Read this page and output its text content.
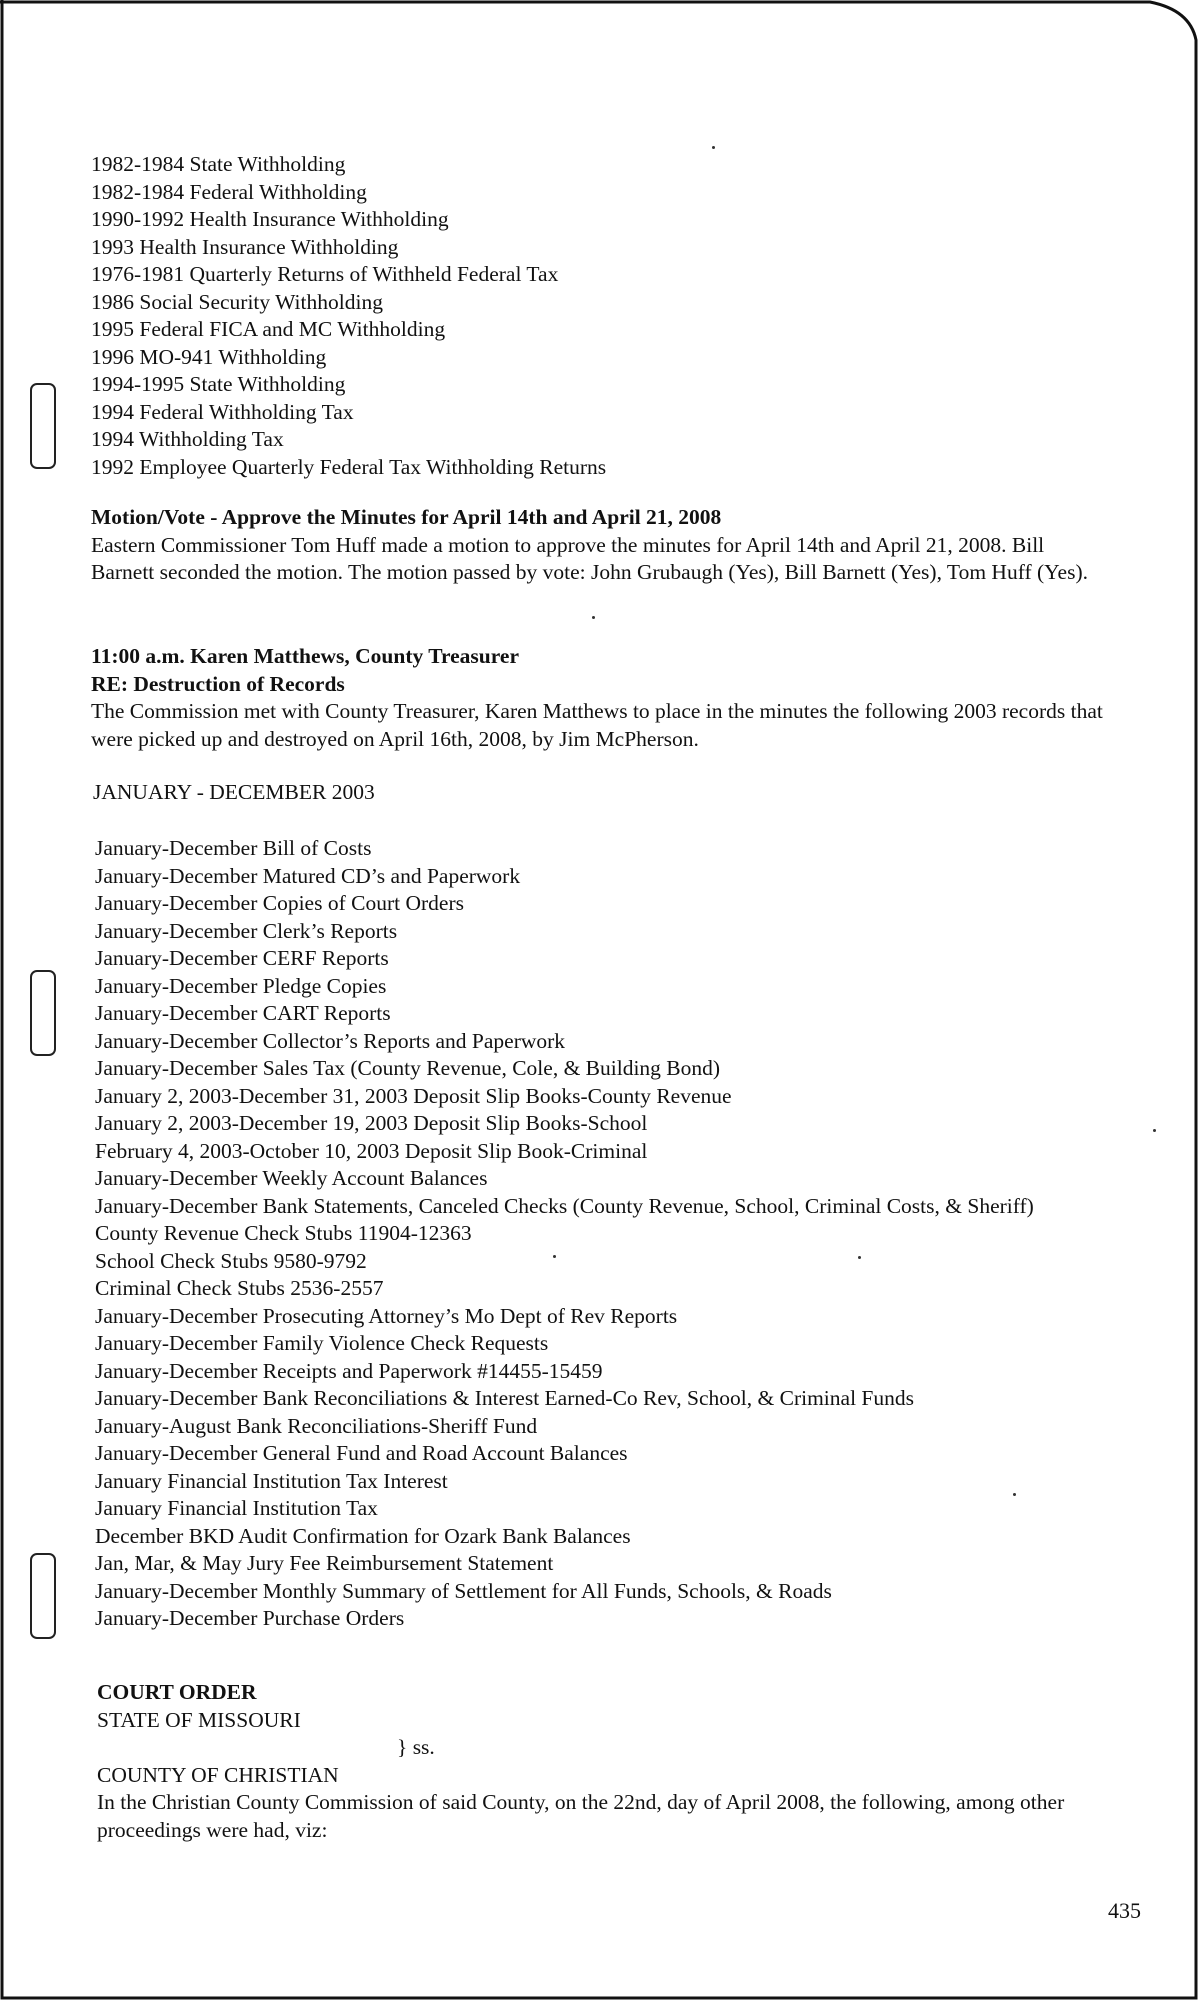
1982-1984 State Withholding
1982-1984 Federal Withholding
1990-1992 Health Insurance Withholding
1993 Health Insurance Withholding
1976-1981 Quarterly Returns of Withheld Federal Tax
1986 Social Security Withholding
1995 Federal FICA and MC Withholding
1996 MO-941 Withholding
1994-1995 State Withholding
1994 Federal Withholding Tax
1994 Withholding Tax
1992 Employee Quarterly Federal Tax Withholding Returns
Motion/Vote - Approve the Minutes for April 14th and April 21, 2008
Eastern Commissioner Tom Huff made a motion to approve the minutes for April 14th and April 21, 2008. Bill Barnett seconded the motion. The motion passed by vote: John Grubaugh (Yes), Bill Barnett (Yes), Tom Huff (Yes).
11:00 a.m. Karen Matthews, County Treasurer
RE: Destruction of Records
The Commission met with County Treasurer, Karen Matthews to place in the minutes the following 2003 records that were picked up and destroyed on April 16th, 2008, by Jim McPherson.
JANUARY - DECEMBER 2003
January-December Bill of Costs
January-December Matured CD’s and Paperwork
January-December Copies of Court Orders
January-December Clerk’s Reports
January-December CERF Reports
January-December Pledge Copies
January-December CART Reports
January-December Collector’s Reports and Paperwork
January-December Sales Tax (County Revenue, Cole, & Building Bond)
January 2, 2003-December 31, 2003 Deposit Slip Books-County Revenue
January 2, 2003-December 19, 2003 Deposit Slip Books-School
February 4, 2003-October 10, 2003 Deposit Slip Book-Criminal
January-December Weekly Account Balances
January-December Bank Statements, Canceled Checks (County Revenue, School, Criminal Costs, & Sheriff)
County Revenue Check Stubs 11904-12363
School Check Stubs 9580-9792
Criminal Check Stubs 2536-2557
January-December Prosecuting Attorney’s Mo Dept of Rev Reports
January-December Family Violence Check Requests
January-December Receipts and Paperwork #14455-15459
January-December Bank Reconciliations & Interest Earned-Co Rev, School, & Criminal Funds
January-August Bank Reconciliations-Sheriff Fund
January-December General Fund and Road Account Balances
January Financial Institution Tax Interest
January Financial Institution Tax
December BKD Audit Confirmation for Ozark Bank Balances
Jan, Mar, & May Jury Fee Reimbursement Statement
January-December Monthly Summary of Settlement for All Funds, Schools, & Roads
January-December Purchase Orders
COURT ORDER
STATE OF MISSOURI
} ss.
COUNTY OF CHRISTIAN
In the Christian County Commission of said County, on the 22nd, day of April 2008, the following, among other proceedings were had, viz:
435
